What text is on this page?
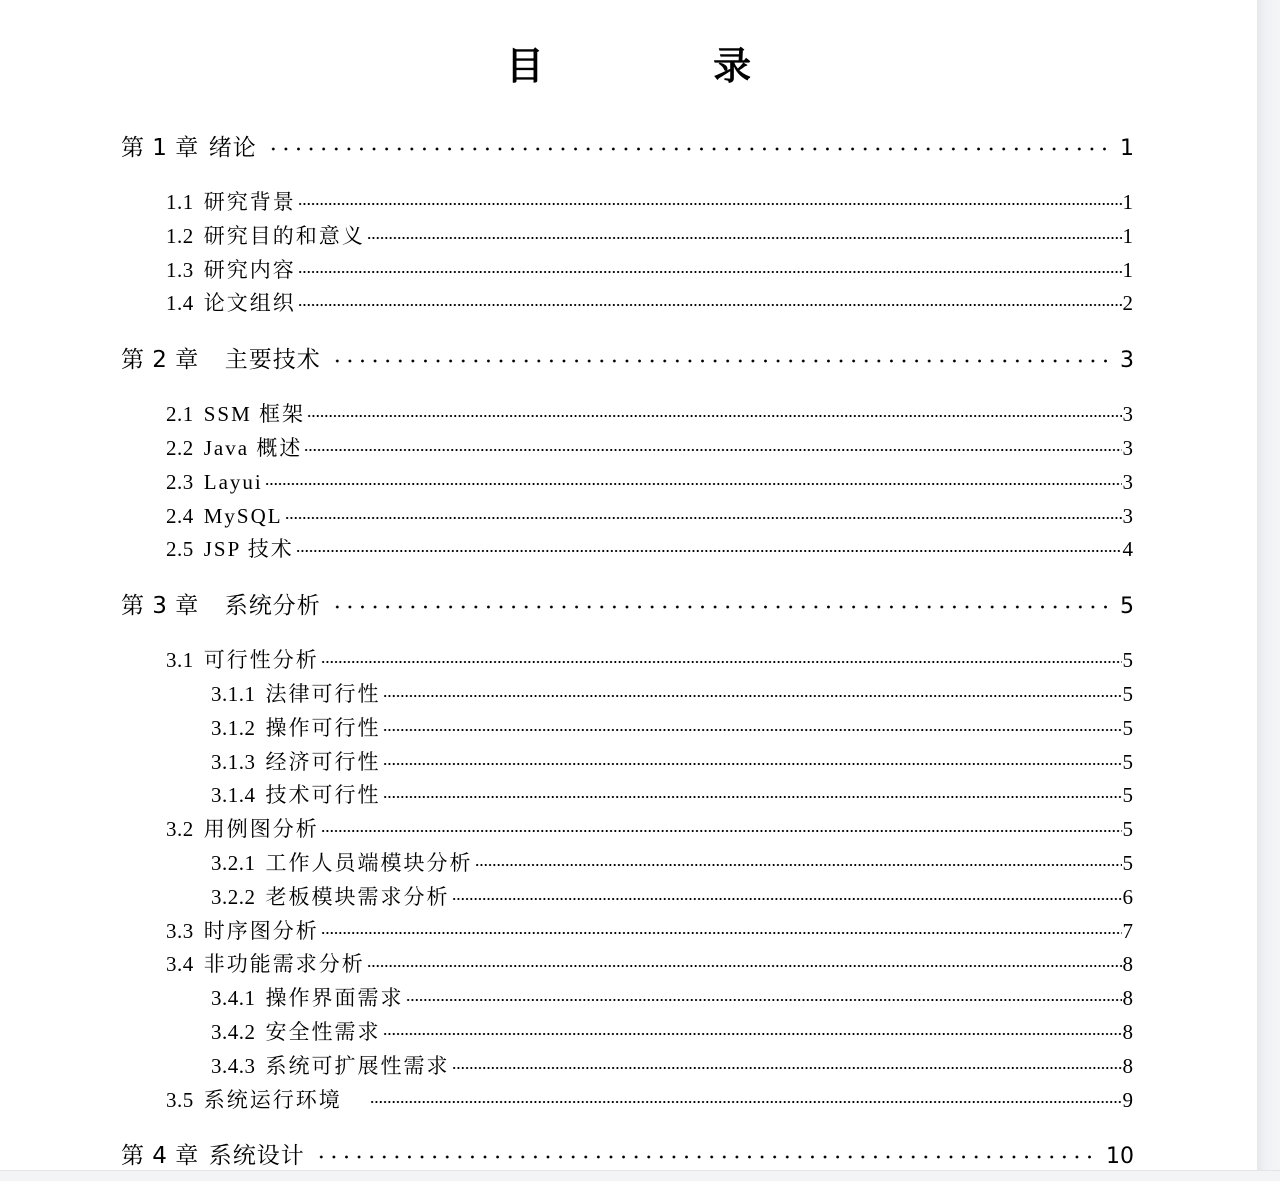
目 录
第 1 章 绪论	1
1.1 研究背景	1
1.2 研究目的和意义	1
1.3 研究内容	1
1.4 论文组织	2
第 2 章 主要技术	3
2.1 SSM 框架	3
2.2 Java 概述	3
2.3 Layui	3
2.4 MySQL	3
2.5 JSP 技术	4
第 3 章 系统分析	5
3.1 可行性分析	5
3.1.1 法律可行性	5
3.1.2 操作可行性	5
3.1.3 经济可行性	5
3.1.4 技术可行性	5
3.2 用例图分析	5
3.2.1 工作人员端模块分析	5
3.2.2 老板模块需求分析	6
3.3 时序图分析	7
3.4 非功能需求分析	8
3.4.1 操作界面需求	8
3.4.2 安全性需求	8
3.4.3 系统可扩展性需求	8
3.5 系统运行环境	9
第 4 章 系统设计	10
